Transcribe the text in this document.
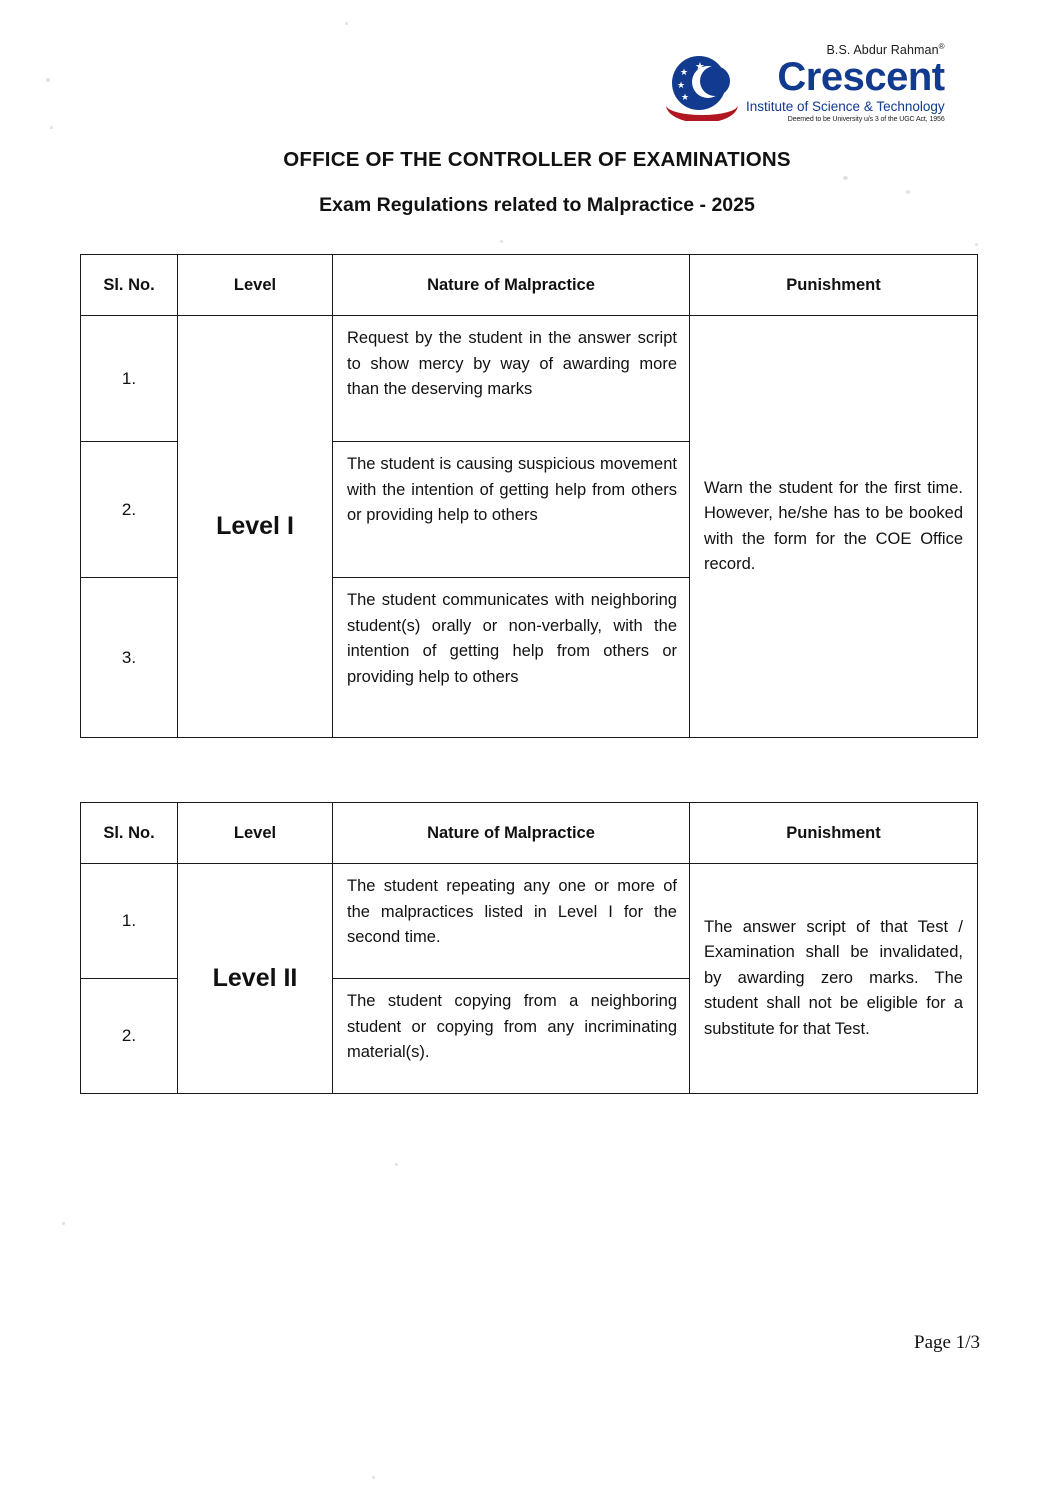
★
★
★
★
B.S. Abdur Rahman®
Crescent
Institute of Science & Technology
Deemed to be University u/s 3 of the UGC Act, 1956
OFFICE OF THE CONTROLLER OF EXAMINATIONS
Exam Regulations related to Malpractice - 2025
Sl. No.	Level	Nature of Malpractice	Punishment
1.	Level I	Request by the student in the answer script to show mercy by way of awarding more than the deserving marks	Warn the student for the first time. However, he/she has to be booked with the form for the COE Office record.
2.		The student is causing suspicious movement with the intention of getting help from others or providing help to others	
3.		The student communicates with neighboring student(s) orally or non-verbally, with the intention of getting help from others or providing help to others	
Sl. No.	Level	Nature of Malpractice	Punishment
1.	Level II	The student repeating any one or more of the malpractices listed in Level I for the second time.	The answer script of that Test / Examination shall be invalidated, by awarding zero marks. The student shall not be eligible for a substitute for that Test.
2.		The student copying from a neighboring student or copying from any incriminating material(s).	
Page 1/3
